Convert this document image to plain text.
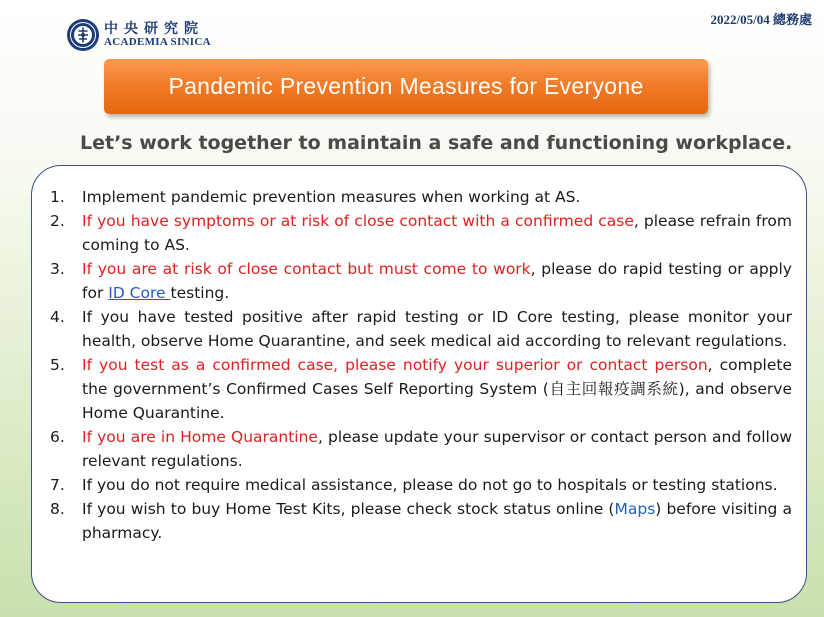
中央研究院
ACADEMIA SINICA
2022/05/04 總務處
Pandemic Prevention Measures for Everyone
Let’s work together to maintain a safe and functioning workplace.
1.	Implement pandemic prevention measures when working at AS.
2.	If you have symptoms or at risk of close contact with a confirmed case, please refrain from coming to AS.
3.	If you are at risk of close contact but must come to work, please do rapid testing or apply for ID Core testing.
4.	If you have tested positive after rapid testing or ID Core testing, please monitor your health, observe Home Quarantine, and seek medical aid according to relevant regulations.
5.	If you test as a confirmed case, please notify your superior or contact person, complete the government’s Confirmed Cases Self Reporting System (自主回報疫調系統), and observe Home Quarantine.
6.	If you are in Home Quarantine, please update your supervisor or contact person and follow relevant regulations.
7.	If you do not require medical assistance, please do not go to hospitals or testing stations.
8.	If you wish to buy Home Test Kits, please check stock status online (Maps) before visiting a pharmacy.
